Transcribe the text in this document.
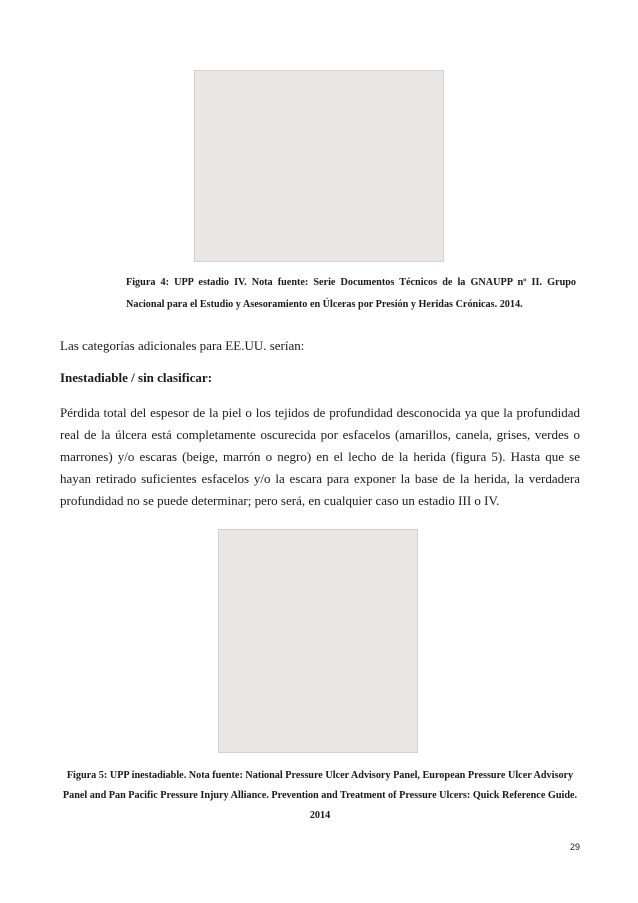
Figura 4: UPP estadio IV. Nota fuente: Serie Documentos Técnicos de la GNAUPP nº II. Grupo Nacional para el Estudio y Asesoramiento en Úlceras por Presión y Heridas Crónicas. 2014.

Las categorías adicionales para EE.UU. serían:

Inestadiable / sin clasificar:

Pérdida total del espesor de la piel o los tejidos de profundidad desconocida ya que la profundidad real de la úlcera está completamente oscurecida por esfacelos (amarillos, canela, grises, verdes o marrones) y/o escaras (beige, marrón o negro) en el lecho de la herida (figura 5). Hasta que se hayan retirado suficientes esfacelos y/o la escara para exponer la base de la herida, la verdadera profundidad no se puede determinar; pero será, en cualquier caso un estadio III o IV.

Figura 5: UPP inestadiable. Nota fuente: National Pressure Ulcer Advisory Panel, European Pressure Ulcer Advisory Panel and Pan Pacific Pressure Injury Alliance. Prevention and Treatment of Pressure Ulcers: Quick Reference Guide. 2014

29
